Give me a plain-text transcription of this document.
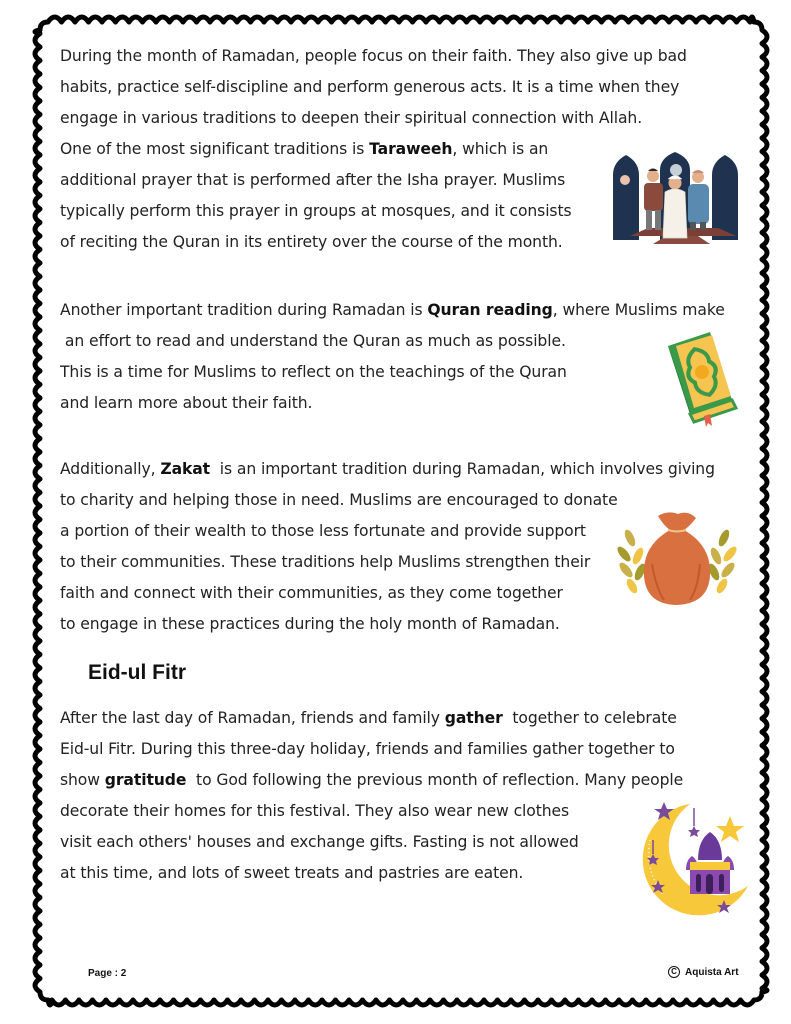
During the month of Ramadan, people focus on their faith. They also give up bad
habits, practice self-discipline and perform generous acts. It is a time when they
engage in various traditions to deepen their spiritual connection with Allah.
One of the most significant traditions is Taraweeh, which is an
additional prayer that is performed after the Isha prayer. Muslims
typically perform this prayer in groups at mosques, and it consists
of reciting the Quran in its entirety over the course of the month.
Another important tradition during Ramadan is Quran reading, where Muslims make
an effort to read and understand the Quran as much as possible.
This is a time for Muslims to reflect on the teachings of the Quran
and learn more about their faith.
Additionally, Zakat  is an important tradition during Ramadan, which involves giving
to charity and helping those in need. Muslims are encouraged to donate
a portion of their wealth to those less fortunate and provide support
to their communities. These traditions help Muslims strengthen their
faith and connect with their communities, as they come together
to engage in these practices during the holy month of Ramadan.
Eid-ul Fitr
After the last day of Ramadan, friends and family gather  together to celebrate
Eid-ul Fitr. During this three-day holiday, friends and families gather together to
show gratitude  to God following the previous month of reflection. Many people
decorate their homes for this festival. They also wear new clothes
visit each others' houses and exchange gifts. Fasting is not allowed
at this time, and lots of sweet treats and pastries are eaten.
Page : 2	C Aquista Art
